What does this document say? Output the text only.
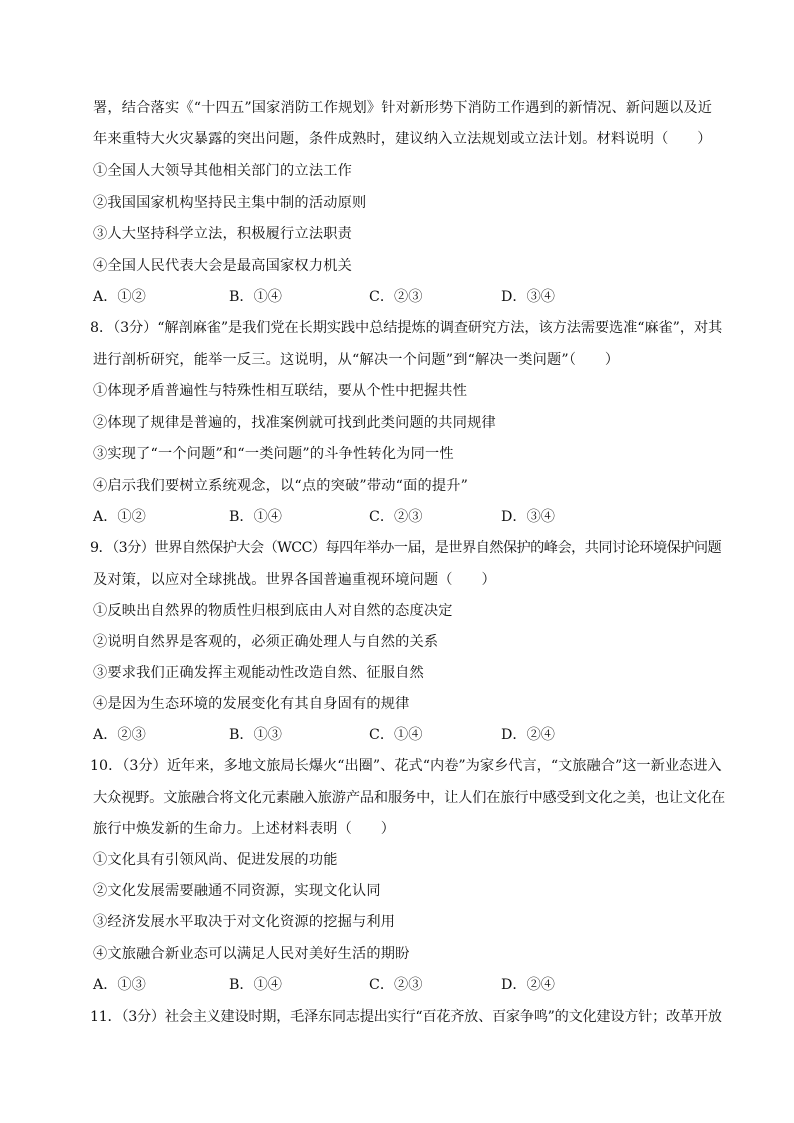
署，结合落实《“十四五”国家消防工作规划》针对新形势下消防工作遇到的新情况、新问题以及近
年来重特大火灾暴露的突出问题，条件成熟时，建议纳入立法规划或立法计划。材料说明（　　）
①全国人大领导其他相关部门的立法工作
②我国国家机构坚持民主集中制的活动原则
③人大坚持科学立法，积极履行立法职责
④全国人民代表大会是最高国家权力机关
A．①②	B．①④	C．②③	D．③④
8．（3分）“解剖麻雀”是我们党在长期实践中总结提炼的调查研究方法，该方法需要选准“麻雀”，对其
进行剖析研究，能举一反三。这说明，从“解决一个问题”到“解决一类问题”（　　）
①体现矛盾普遍性与特殊性相互联结，要从个性中把握共性
②体现了规律是普遍的，找准案例就可找到此类问题的共同规律
③实现了“一个问题”和“一类问题”的斗争性转化为同一性
④启示我们要树立系统观念，以“点的突破”带动“面的提升”
A．①②	B．①④	C．②③	D．③④
9．（3分）世界自然保护大会（WCC）每四年举办一届，是世界自然保护的峰会，共同讨论环境保护问题
及对策，以应对全球挑战。世界各国普遍重视环境问题（　　）
①反映出自然界的物质性归根到底由人对自然的态度决定
②说明自然界是客观的，必须正确处理人与自然的关系
③要求我们正确发挥主观能动性改造自然、征服自然
④是因为生态环境的发展变化有其自身固有的规律
A．②③	B．①③	C．①④	D．②④
10．（3分）近年来，多地文旅局长爆火“出圈”、花式“内卷”为家乡代言，“文旅融合”这一新业态进入
大众视野。文旅融合将文化元素融入旅游产品和服务中，让人们在旅行中感受到文化之美，也让文化在
旅行中焕发新的生命力。上述材料表明（　　）
①文化具有引领风尚、促进发展的功能
②文化发展需要融通不同资源，实现文化认同
③经济发展水平取决于对文化资源的挖掘与利用
④文旅融合新业态可以满足人民对美好生活的期盼
A．①③	B．①④	C．②③	D．②④
11．（3分）社会主义建设时期，毛泽东同志提出实行“百花齐放、百家争鸣”的文化建设方针；改革开放
